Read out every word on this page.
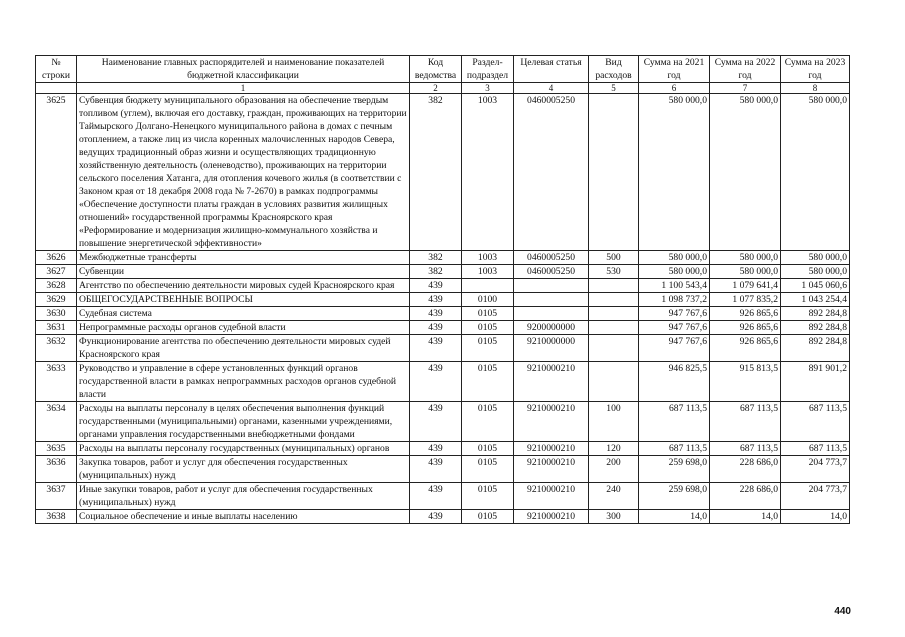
№ строки	Наименование главных распорядителей и наименование показателей бюджетной классификации	Код ведомства	Раздел-подраздел	Целевая статья	Вид расходов	Сумма на 2021 год	Сумма на 2022 год	Сумма на 2023 год
	1	2	3	4	5	6	7	8
3625	Субвенция бюджету муниципального образования на обеспечение твердым топливом (углем), включая его доставку, граждан, проживающих на территории Таймырского Долгано-Ненецкого муниципального района в домах с печным отоплением, а также лиц из числа коренных малочисленных народов Севера, ведущих традиционный образ жизни и осуществляющих традиционную хозяйственную деятельность (оленеводство), проживающих на территории сельского поселения Хатанга, для отопления кочевого жилья (в соответствии с Законом края от 18 декабря 2008 года № 7-2670) в рамках подпрограммы «Обеспечение доступности платы граждан в условиях развития жилищных отношений» государственной программы Красноярского края «Реформирование и модернизация жилищно-коммунального хозяйства и повышение энергетической эффективности»	382	1003	0460005250		580 000,0	580 000,0	580 000,0
3626	Межбюджетные трансферты	382	1003	0460005250	500	580 000,0	580 000,0	580 000,0
3627	Субвенции	382	1003	0460005250	530	580 000,0	580 000,0	580 000,0
3628	Агентство по обеспечению деятельности мировых судей Красноярского края	439				1 100 543,4	1 079 641,4	1 045 060,6
3629	ОБЩЕГОСУДАРСТВЕННЫЕ ВОПРОСЫ	439	0100			1 098 737,2	1 077 835,2	1 043 254,4
3630	Судебная система	439	0105			947 767,6	926 865,6	892 284,8
3631	Непрограммные расходы органов судебной власти	439	0105	9200000000		947 767,6	926 865,6	892 284,8
3632	Функционирование агентства по обеспечению деятельности мировых судей Красноярского края	439	0105	9210000000		947 767,6	926 865,6	892 284,8
3633	Руководство и управление в сфере установленных функций органов государственной власти в рамках непрограммных расходов органов судебной власти	439	0105	9210000210		946 825,5	915 813,5	891 901,2
3634	Расходы на выплаты персоналу в целях обеспечения выполнения функций государственными (муниципальными) органами, казенными учреждениями, органами управления государственными внебюджетными фондами	439	0105	9210000210	100	687 113,5	687 113,5	687 113,5
3635	Расходы на выплаты персоналу государственных (муниципальных) органов	439	0105	9210000210	120	687 113,5	687 113,5	687 113,5
3636	Закупка товаров, работ и услуг для обеспечения государственных (муниципальных) нужд	439	0105	9210000210	200	259 698,0	228 686,0	204 773,7
3637	Иные закупки товаров, работ и услуг для обеспечения государственных (муниципальных) нужд	439	0105	9210000210	240	259 698,0	228 686,0	204 773,7
3638	Социальное обеспечение и иные выплаты населению	439	0105	9210000210	300	14,0	14,0	14,0
440
